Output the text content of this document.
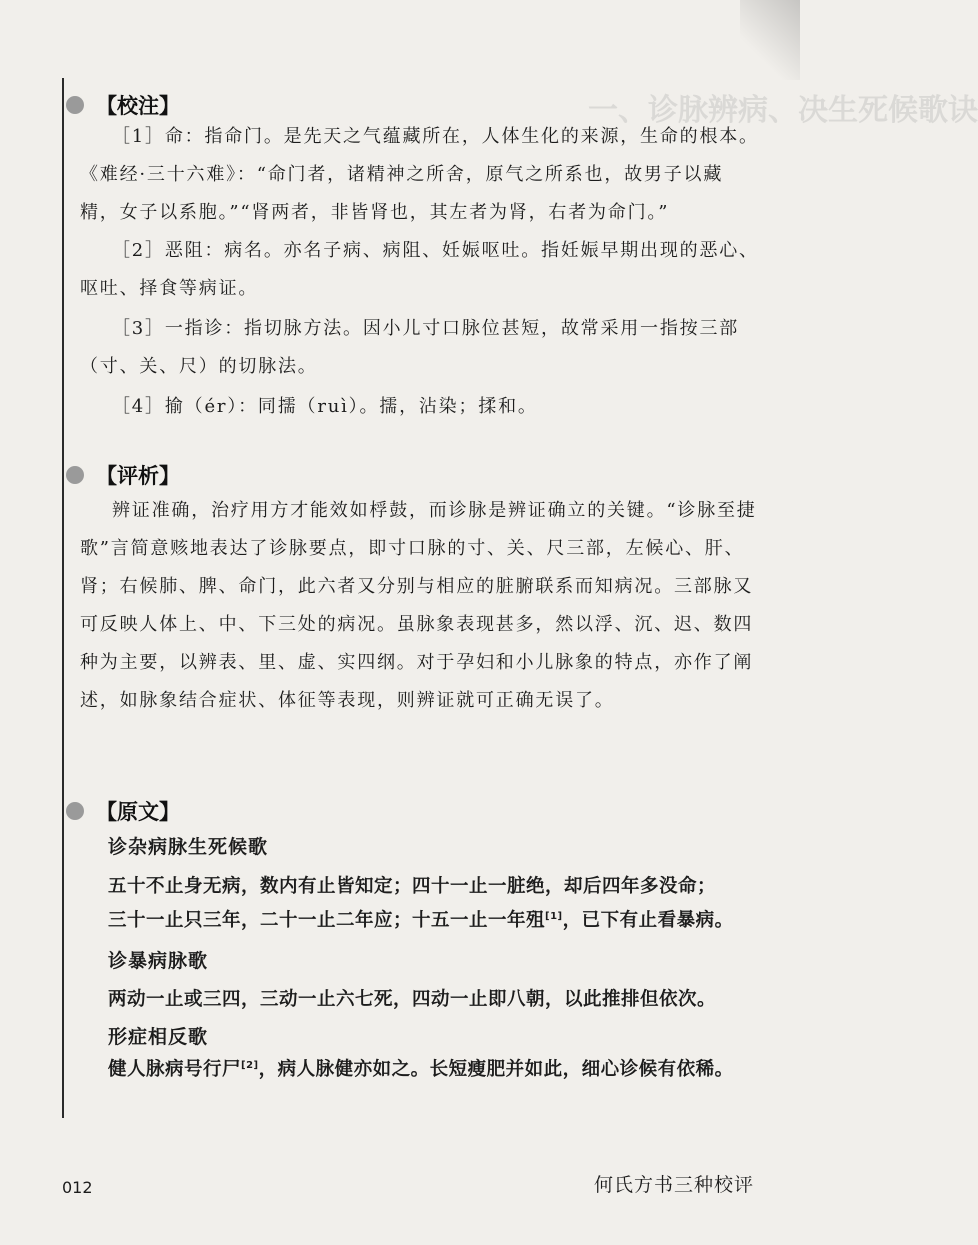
一、诊脉辨病、决生死候歌诀
【校注】
［1］命：指命门。是先天之气蕴藏所在，人体生化的来源，生命的根本。《难经·三十六难》：“命门者，诸精神之所舍，原气之所系也，故男子以藏精，女子以系胞。”“肾两者，非皆肾也，其左者为肾，右者为命门。”
［2］恶阻：病名。亦名子病、病阻、妊娠呕吐。指妊娠早期出现的恶心、呕吐、择食等病证。
［3］一指诊：指切脉方法。因小儿寸口脉位甚短，故常采用一指按三部（寸、关、尺）的切脉法。
［4］揄（ér）：同擩（ruì）。擩，沾染；揉和。
【评析】
辨证准确，治疗用方才能效如桴鼓，而诊脉是辨证确立的关键。“诊脉至捷歌”言简意赅地表达了诊脉要点，即寸口脉的寸、关、尺三部，左候心、肝、肾；右候肺、脾、命门，此六者又分别与相应的脏腑联系而知病况。三部脉又可反映人体上、中、下三处的病况。虽脉象表现甚多，然以浮、沉、迟、数四种为主要，以辨表、里、虚、实四纲。对于孕妇和小儿脉象的特点，亦作了阐述，如脉象结合症状、体征等表现，则辨证就可正确无误了。
【原文】
诊杂病脉生死候歌
五十不止身无病，数内有止皆知定；四十一止一脏绝，却后四年多没命；
三十一止只三年，二十一止二年应；十五一止一年殂[1]，已下有止看暴病。
诊暴病脉歌
两动一止或三四，三动一止六七死，四动一止即八朝，以此推排但依次。
形症相反歌
健人脉病号行尸[2]，病人脉健亦如之。长短瘦肥并如此，细心诊候有依稀。
012	何氏方书三种校评
